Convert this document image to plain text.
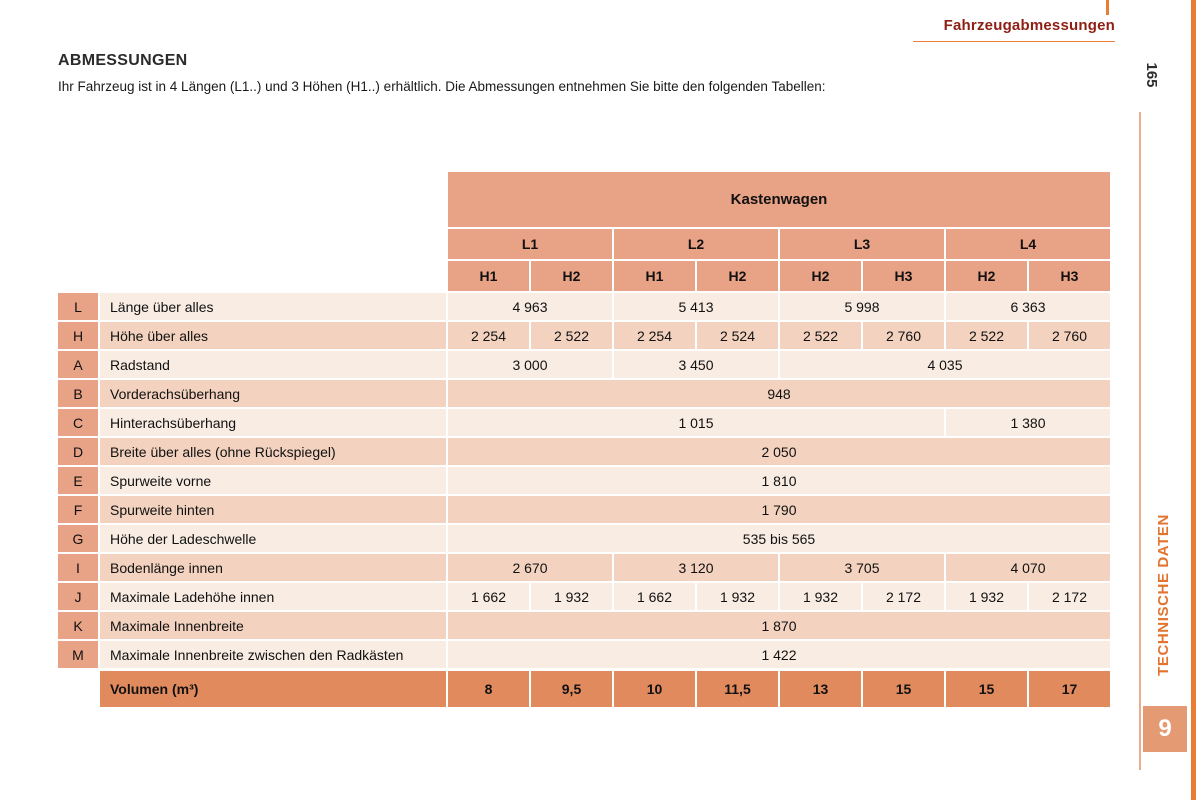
Fahrzeugabmessungen
165
TECHNISCHE DATEN
9
ABMESSUNGEN

Ihr Fahrzeug ist in 4 Längen (L1..) und 3 Höhen (H1..) erhältlich. Die Abmessungen entnehmen Sie bitte den folgenden Tabellen:

Kastenwagen
L1	L2	L3	L4
H1	H2	H1	H2	H2	H3	H2	H3
L	Länge über alles	4 963	5 413	5 998	6 363
H	Höhe über alles	2 254	2 522	2 254	2 524	2 522	2 760	2 522	2 760
A	Radstand	3 000	3 450	4 035
B	Vorderachsüberhang	948
C	Hinterachsüberhang	1 015	1 380
D	Breite über alles (ohne Rückspiegel)	2 050
E	Spurweite vorne	1 810
F	Spurweite hinten	1 790
G	Höhe der Ladeschwelle	535 bis 565
I	Bodenlänge innen	2 670	3 120	3 705	4 070
J	Maximale Ladehöhe innen	1 662	1 932	1 662	1 932	1 932	2 172	1 932	2 172
K	Maximale Innenbreite	1 870
M	Maximale Innenbreite zwischen den Radkästen	1 422
Volumen (m³)	8	9,5	10	11,5	13	15	15	17
